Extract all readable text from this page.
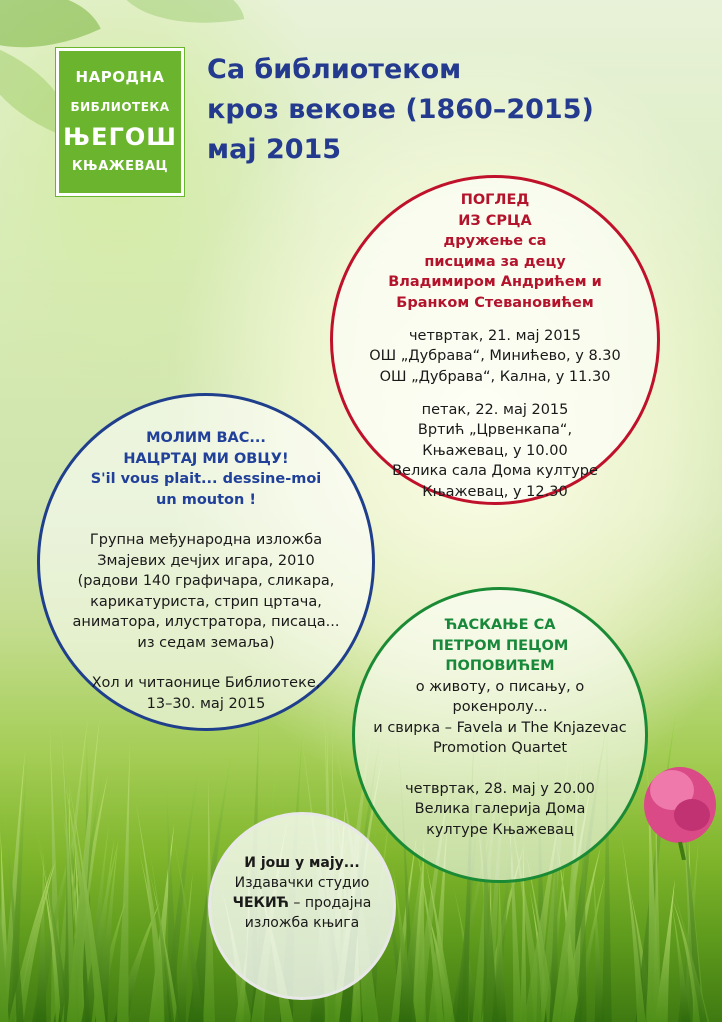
НАРОДНА
БИБЛИОТЕКА
ЊЕГОШ
КЊАЖЕВАЦ
Са библиотеком
кроз векове (1860–2015)
мај 2015
ПОГЛЕД
ИЗ СРЦА
дружење са
писцима за децу
Владимиром Андрићем и
Бранком Стевановићем
четвртак, 21. мај 2015
ОШ „Дубрава“, Минићево, у 8.30
ОШ „Дубрава“, Кална, у 11.30
петак, 22. мај 2015
Вртић „Црвенкапа“,
Књажевац, у 10.00
Велика сала Дома културе
Књажевац, у 12.30
МОЛИМ ВАС...
НАЦРТАЈ МИ ОВЦУ!
S'il vous plait... dessine-moi
un mouton !
Групна међународна изложба
Змајевих дечјих игара, 2010
(радови 140 графичара, сликара,
карикатуриста, стрип цртача,
аниматора, илустратора, писаца...
из седам земаља)
Хол и читаонице Библиотеке,
13–30. мај 2015
ЋАСКАЊЕ СА
ПЕТРОМ ПЕЦОМ
ПОПОВИЋЕМ
о животу, о писању, о
рокенролу...
и свирка – Favela и The Knjazevac
Promotion Quartet
четвртак, 28. мај у 20.00
Велика галерија Дома
културе Књажевац
И још у мају...
Издавачки студио
ЧЕКИЋ – продајна
изложба књига
